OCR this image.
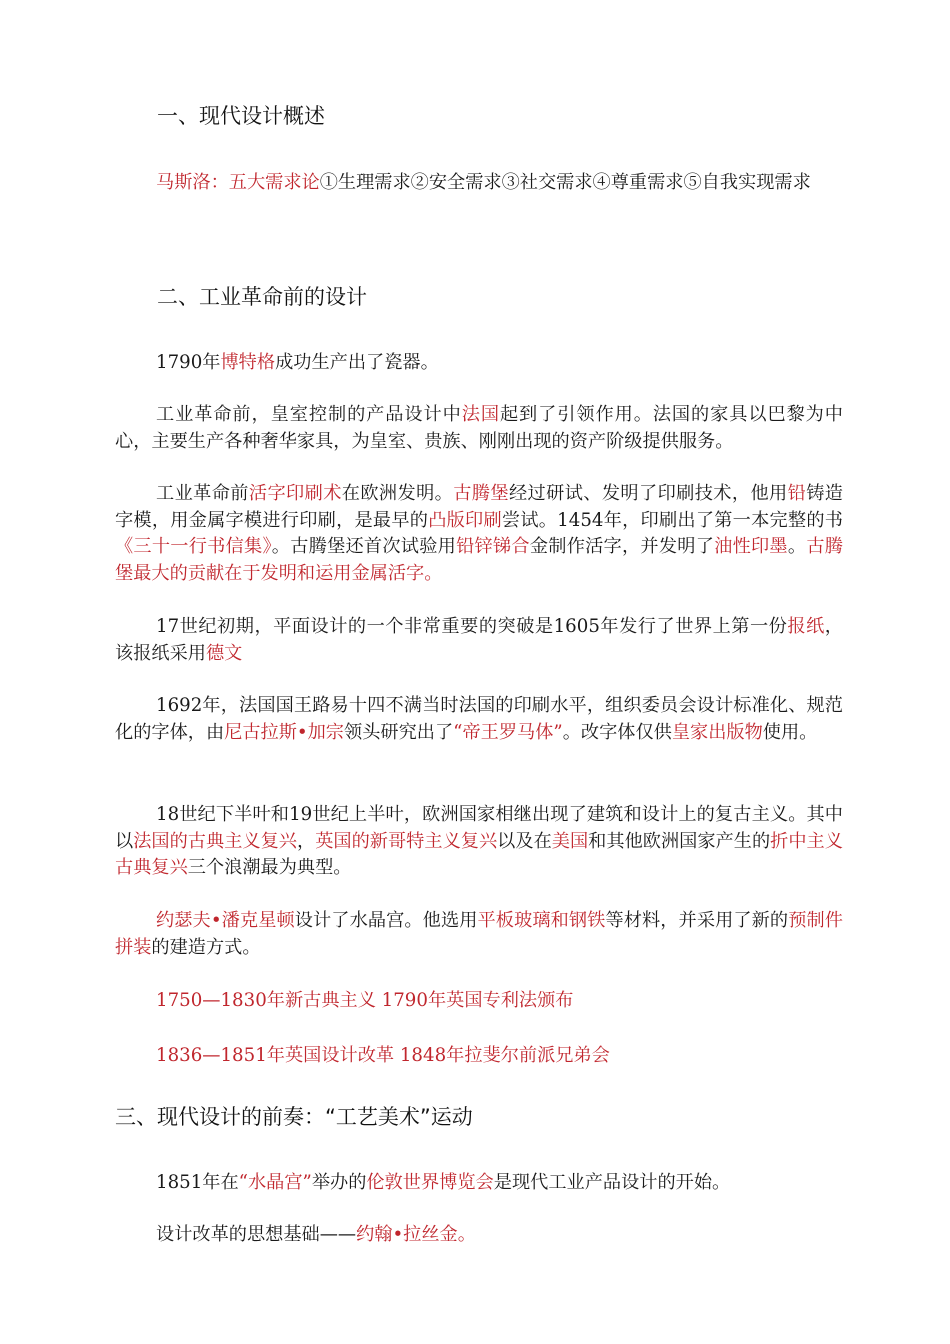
一、现代设计概述

马斯洛：五大需求论①生理需求②安全需求③社交需求④尊重需求⑤自我实现需求

二、工业革命前的设计

1790年博特格成功生产出了瓷器。

工业革命前，皇室控制的产品设计中法国起到了引领作用。法国的家具以巴黎为中心，主要生产各种奢华家具，为皇室、贵族、刚刚出现的资产阶级提供服务。

工业革命前活字印刷术在欧洲发明。古腾堡经过研试、发明了印刷技术，他用铅铸造字模，用金属字模进行印刷，是最早的凸版印刷尝试。1454年，印刷出了第一本完整的书《三十一行书信集》。古腾堡还首次试验用铅锌锑合金制作活字，并发明了油性印墨。古腾堡最大的贡献在于发明和运用金属活字。

17世纪初期，平面设计的一个非常重要的突破是1605年发行了世界上第一份报纸，该报纸采用德文

1692年，法国国王路易十四不满当时法国的印刷水平，组织委员会设计标准化、规范化的字体，由尼古拉斯•加宗领头研究出了“帝王罗马体”。改字体仅供皇家出版物使用。

18世纪下半叶和19世纪上半叶，欧洲国家相继出现了建筑和设计上的复古主义。其中以法国的古典主义复兴，英国的新哥特主义复兴以及在美国和其他欧洲国家产生的折中主义古典复兴三个浪潮最为典型。

约瑟夫•潘克星顿设计了水晶宫。他选用平板玻璃和钢铁等材料，并采用了新的预制件拼装的建造方式。

1750—1830年新古典主义 1790年英国专利法颁布

1836—1851年英国设计改革 1848年拉斐尔前派兄弟会

三、现代设计的前奏：“工艺美术”运动

1851年在“水晶宫”举办的伦敦世界博览会是现代工业产品设计的开始。

设计改革的思想基础——约翰•拉丝金。
